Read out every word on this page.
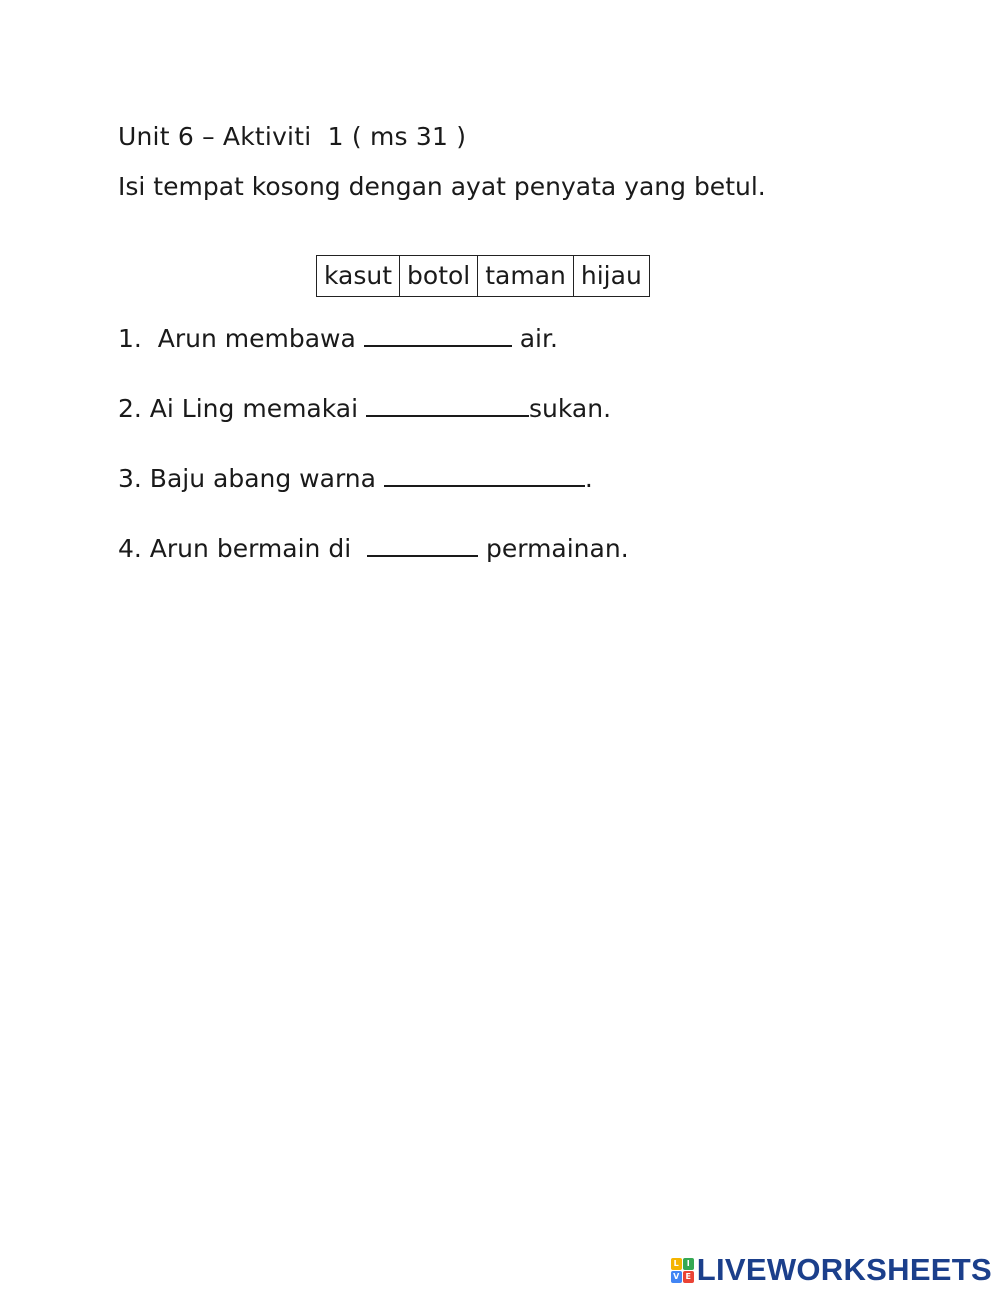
Unit 6 – Aktiviti  1 ( ms 31 )
Isi tempat kosong dengan ayat penyata yang betul.
kasut	botol	taman	hijau
1.  Arun membawa	air.
2. Ai Ling memakai	sukan.
3. Baju abang warna	.
4. Arun bermain di	permainan.
L I
V E LIVEWORKSHEETS
